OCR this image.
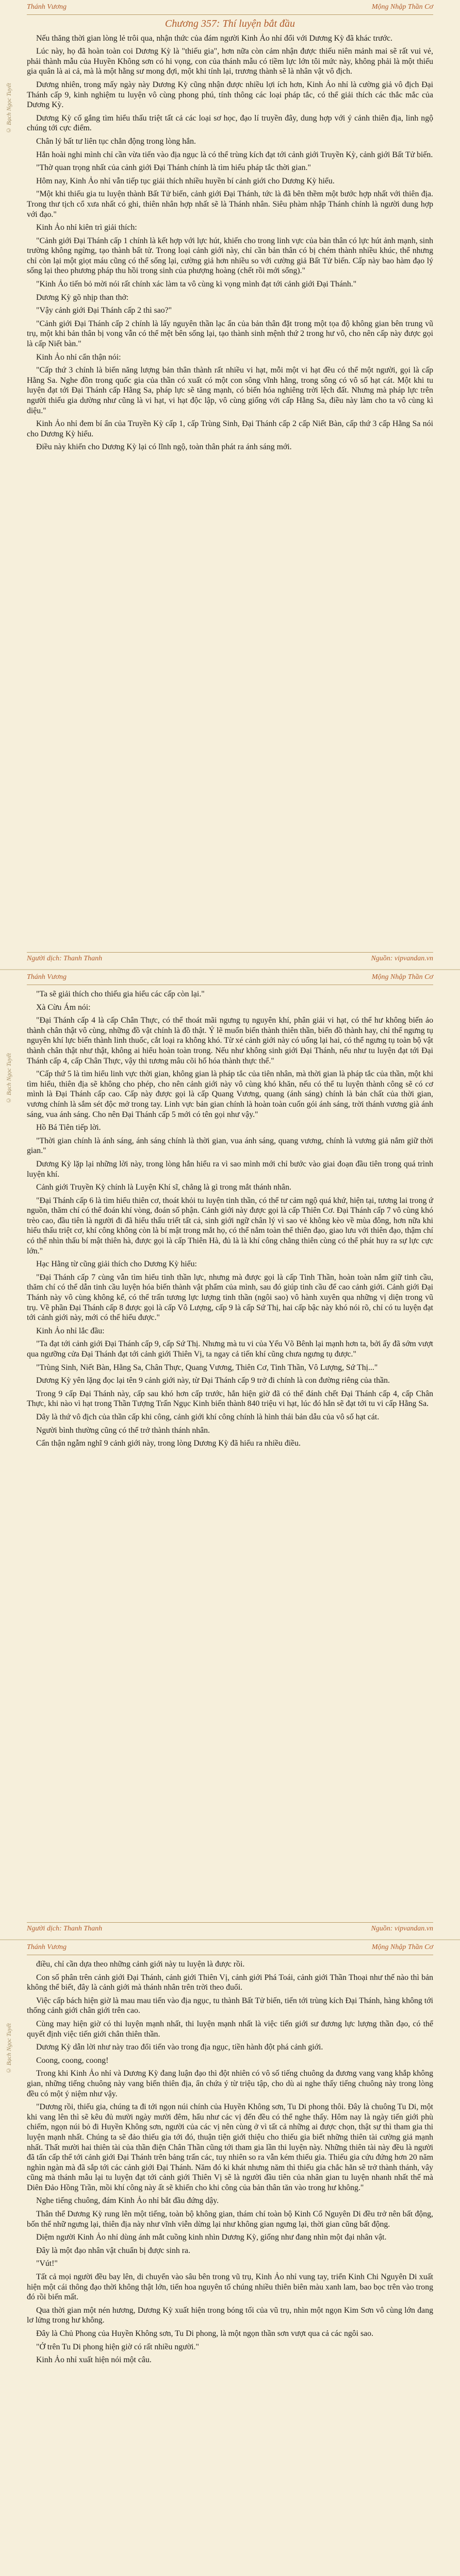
© Bạch Ngọc Tuyết
Thánh Vương	Mộng Nhập Thần Cơ
Chương 357: Thí luyện bắt đầu

Nếu thăng thời gian lòng lẻ trôi qua, nhận thức của đám người Kinh Ảo nhỉ đổi với Dương Kỳ đã khác trước.

Lúc này, họ đã hoàn toàn coi Dương Kỳ là "thiếu gia", hơn nữa còn cảm nhận được thiếu niên mảnh mai sẽ rất vui vẻ, phải thành mẫu của Huyền Không sơn có hi vọng, con của thánh mẫu có tiềm lực lớn tôi mức này, không phải là một thiếu gia quân là ai cả, mà là một hằng sư mong đợi, một khi tính lại, trương thành sẽ là nhân vật vô địch.

Dương nhiên, trong mấy ngày này Dương Kỳ cũng nhận được nhiều lợi ích hơn, Kinh Ảo nhỉ là cường giả vô địch Đại Thánh cấp 9, kinh nghiệm tu luyện vô cùng phong phú, tính thông các loại pháp tắc, có thể giải thích các thắc mắc của Dương Kỳ.

Dương Kỳ cố gắng tìm hiểu thấu triệt tất cả các loại sơ học, đạo lí truyền đây, dung hợp với ý cảnh thiên địa, linh ngộ chúng tới cực điểm.

Chân lý bất tư liên tục chẳn động trong lòng hắn.

Hắn hoài nghi mình chỉ cần vừa tiến vào địa ngục là có thể trùng kích đạt tới cảnh giới Truyền Kỳ, cảnh giới Bất Tử biến.

"Thờ quan trọng nhất của cảnh giới Đại Thánh chính là tìm hiểu pháp tắc thời gian."

Hôm nay, Kinh Ảo nhỉ vẫn tiếp tục giải thích nhiều huyền bí cảnh giới cho Dương Kỳ hiểu.

"Một khi thiếu gia tu luyện thành Bất Tử biến, cảnh giới Đại Thánh, tức là đã bên thềm một bước hợp nhất với thiên địa. Trong thư tịch cổ xưa nhất có ghi, thiên nhân hợp nhất sẽ là Thánh nhân. Siêu phàm nhập Thánh chính là người dung hợp với đạo."

Kinh Ảo nhỉ kiên trì giải thích:

"Cảnh giới Đại Thánh cấp 1 chính là kết hợp với lực hút, khiến cho trong linh vực của bản thân có lực hút ảnh mạnh, sinh trường không ngừng, tạo thành bất tử. Trong loại cảnh giới này, chỉ cần bản thân có bị chém thành nhiều khúc, thể nhưng chỉ còn lại một giọt máu cũng có thể sống lại, cường giả hơn nhiều so với cường giả Bất Tử biến. Cấp này bao hàm đạo lý sống lại theo phương pháp thu hồi trong sinh của phượng hoàng (chết rồi mới sống)."

"Kinh Ảo tiến bỏ mời nói rất chính xác làm ta vô cùng kì vọng mình đạt tới cảnh giới Đại Thánh."

Dương Kỳ gõ nhịp than thở:

"Vậy cảnh giới Đại Thánh cấp 2 thì sao?"

"Cảnh giới Đại Thánh cấp 2 chính là lấy nguyên thần lạc ẩn của bản thân đặt trong một tọa độ không gian bên trung vũ trụ, một khi bản thân bị vong vẫn có thể mệt bên sống lại, tạo thành sinh mệnh thứ 2 trong hư vô, cho nên cấp này được gọi là cấp Niết bàn."

Kinh Ảo nhỉ cẩn thận nói:

"Cấp thứ 3 chính là biến năng lượng bản thân thành rất nhiều vi hạt, mỗi một vi hạt đều có thể một người, gọi là cấp Hằng Sa. Nghe đồn trong quốc gia của thần có xuất có một con sông vĩnh hằng, trong sông có vô số hạt cát. Một khi tu luyện đạt tới Đại Thánh cấp Hằng Sa, pháp lực sẽ tăng mạnh, có biến hóa nghiêng trời lệch đất. Nhưng mà pháp lực trên người thiếu gia dường như cũng là vi hạt, vi hạt độc lập, vô cùng giống với cấp Hằng Sa, điều này làm cho ta vô cùng kì diệu."

Kinh Ảo nhỉ đem bí ẩn của Truyền Kỳ cấp 1, cấp Trùng Sinh, Đại Thánh cấp 2 cấp Niết Bàn, cấp thứ 3 cấp Hằng Sa nói cho Dương Kỳ hiểu.

Điều này khiến cho Dương Kỳ lại có lĩnh ngộ, toàn thân phát ra ánh sáng mới.

Người dịch: Thanh Thanh	Nguồn: vipvandan.vn
© Bạch Ngọc Tuyết
Thánh Vương	Mộng Nhập Thần Cơ

"Ta sẽ giải thích cho thiếu gia hiểu các cấp còn lại."

Xà Cừu Ám nói:

"Đại Thánh cấp 4 là cấp Chân Thực, có thể thoát mãi ngưng tụ nguyên khí, phân giải vi hạt, có thể hư không biến ảo thành chân thật vô cùng, những đồ vật chính là đồ thật. Ý lẽ muốn biến thành thiên thần, biến đồ thành hay, chỉ thế ngưng tụ nguyên khí lực biến thành linh thuốc, cắt loại ra không khó. Từ xé cảnh giới này có uống lại hai, có thể ngưng tụ toàn bộ vật thành chân thật như thật, không ai hiểu hoàn toàn trong. Nếu như không sinh giới Đại Thánh, nếu như tu luyện đạt tới Đại Thánh cấp 4, cấp Chân Thực, vậy thì tương mâu cõi hố hóa thành thực thể."

"Cấp thứ 5 là tìm hiểu linh vực thời gian, không gian là pháp tắc của tiên nhân, mà thời gian là pháp tắc của thần, một khi tìm hiểu, thiên địa sẽ không cho phép, cho nên cảnh giới này vô cùng khó khăn, nếu có thể tu luyện thành công sẽ có cơ mình là Đại Thánh cấp cao. Cấp này được gọi là cấp Quang Vương, quang (ánh sáng) chính là bản chất của thời gian, vương chính là sắm sét độc mở trong tay. Linh vực bản gian chính là hoàn toàn cuốn gói ánh sáng, trời thánh vương già ánh sáng, vua ánh sáng. Cho nên Đại Thánh cấp 5 mới có tên gọi như vậy."

Hồ Bá Tiên tiếp lời.

"Thời gian chính là ánh sáng, ánh sáng chính là thời gian, vua ánh sáng, quang vương, chính là vương giả nắm giữ thời gian."

Dương Kỳ lặp lại những lời này, trong lòng hắn hiểu ra vì sao mình mới chỉ bước vào giai đoạn đầu tiên trong quá trình luyện khí.

Cảnh giới Truyền Kỳ chính là Luyện Khí sĩ, chẳng là gì trong mắt thánh nhân.

"Đại Thánh cấp 6 là tìm hiểu thiên cơ, thoát khỏi tu luyện tinh thần, có thể tư cảm ngộ quá khứ, hiện tại, tương lai trong ứ nguồn, thăm chí có thể đoán khí vòng, đoán số phận. Cảnh giới này được gọi là cấp Thiên Cơ. Đại Thánh cấp 7 vô cùng khó trèo cao, đầu tiên là người đi đã hiểu thấu triết tất cả, sinh giới ngữ chân lý vì sao vẻ không kèo về mùa đông, hơn nữa khi hiểu thấu triệt cơ, khí công không còn là bí mật trong mắt họ, có thể nắm toàn thể thiên đạo, giao lưu với thiên đạo, thậm chí có thể nhìn thấu bí mật thiên hà, được gọi là cấp Thiên Hà, đủ là là khí công chẳng thiên cùng có thể phát huy ra sự lực cực lớn."

Hạc Hằng từ cũng giải thích cho Dương Kỳ hiểu:

"Đại Thánh cấp 7 cùng vẫn tìm hiểu tinh thần lực, nhưng mà được gọi là cấp Tinh Thần, hoàn toàn nắm giữ tinh cầu, thăm chí có thể dẫn tinh cầu luyện hóa biến thành vật phẩm của mình, sau đó giúp tinh cầu để cao cảnh giới. Cảnh giới Đại Thánh này vô cùng không kể, có thể trấn tương lực lượng tinh thần (ngôi sao) vô hành xuyên qua những vị diện trong vũ trụ. Về phần Đại Thánh cấp 8 được gọi là cấp Vô Lượng, cấp 9 là cấp Sứ Thị, hai cấp bậc này khó nói rõ, chỉ có tu luyện đạt tới cảnh giới này, mới có thể hiểu được."

Kinh Ảo nhỉ lắc đầu:

"Ta đạt tới cảnh giới Đại Thánh cấp 9, cấp Sứ Thị. Nhưng mà tu vi của Yếu Võ Bênh lại mạnh hơn ta, bởi ấy đã sớm vượt qua ngưỡng cửa Đại Thánh đạt tới cảnh giới Thiên Vị, ta ngay cả tiến khí cũng chưa ngưng tụ được."

"Trùng Sinh, Niết Bàn, Hằng Sa, Chân Thực, Quang Vương, Thiên Cơ, Tinh Thần, Vô Lượng, Sứ Thị..."

Dương Kỳ yên lặng đọc lại tên 9 cảnh giới này, từ Đại Thánh cấp 9 trở đi chính là con đường riêng của thần.

Trong 9 cấp Đại Thánh này, cấp sau khó hơn cấp trước, hắn hiện giờ đã có thể đánh chết Đại Thánh cấp 4, cấp Chân Thực, khi nào vì hạt trong Thần Tượng Trấn Ngục Kinh biến thành 840 triệu vi hạt, lúc đó hắn sẽ đạt tới tu vi cấp Hằng Sa.

Dây là thứ vô địch của thần cấp khi công, cảnh giới khí công chính là hình thái bản dẫu của vô số hạt cát.

Người bình thường cũng có thể trở thành thánh nhân.

Cẩn thận ngẫm nghĩ 9 cảnh giới này, trong lòng Dương Kỳ đã hiểu ra nhiều điều.

Người dịch: Thanh Thanh	Nguồn: vipvandan.vn
© Bạch Ngọc Tuyết
Thánh Vương	Mộng Nhập Thần Cơ

điều, chỉ cần dựa theo những cảnh giới này tu luyện là được rồi.

Con số phân trên cảnh giới Đại Thánh, cảnh giới Thiên Vị, cảnh giới Phá Toái, cảnh giới Thần Thoại như thế nào thì bản không thể biết, đây là cảnh giới mà thánh nhân trên trời theo đuổi.

Việc cấp bách hiện giờ là mau mau tiến vào địa ngục, tu thành Bất Tử biến, tiến tới trùng kích Đại Thánh, hàng không tới thống cảnh giới chân giới trên cao.

Cùng may hiện giờ có thi luyện mạnh nhất, thi luyện mạnh nhất là việc tiến giới sư đương lực lượng thần đạo, có thể quyết định việc tiến giới chân thiên thần.

Dương Kỳ dẫn lời như này trao đổi tiến vào trong địa ngục, tiền hành đột phá cảnh giới.

Coong, coong, coong!

Trong khi Kinh Ảo nhỉ và Dương Kỳ đang luận đạo thì đột nhiên có vô số tiếng chuông da đương vang vang khắp không gian, những tiếng chuông này vang biến thiên địa, ẩn chứa ý từ triệu tập, cho dù ai nghe thấy tiếng chuông này trong lòng đều có một ý niệm như vậy.

"Dương rồi, thiếu gia, chúng ta đi tới ngọn núi chính của Huyền Không sơn, Tu Di phong thôi. Đây là chuông Tu Di, một khi vang lên thì sẽ kêu đủ mười ngày mười đêm, hẩu như các vị đến đều có thể nghe thấy. Hôm nay là ngày tiến giới phù chiếm, ngọn núi bỏ đi Huyền Không sơn, người của các vị nên cùng ở vì tất cả những ai được chọn, thật sự thì tham gia thi luyện mạnh nhất. Chúng ta sẽ đảo thiếu gia tới đó, thuận tiện giới thiệu cho thiếu gia biết những thiên tài cường giả mạnh nhất. Thất mười hai thiên tài của thần điện Chân Thần cũng tới tham gia lần thi luyện này. Những thiên tài này đều là người đã tấn cấp thể tới cảnh giới Đại Thánh trên bảng trấn các, tuy nhiên so ra vẫn kém thiếu gia. Thiếu gia cứu đứng hơn 20 năm nghìn ngàn mà đã sắp tới các cảnh giới Đại Thánh. Năm đó ki khát nhưng năm thì thiếu gia chắc hẳn sẽ trở thành thánh, vây cũng mà thánh mẫu lại tu luyện đạt tới cảnh giới Thiên Vị sẽ là người đầu tiên của nhân gian tu luyện nhanh nhất thế mà Diên Đảo Hồng Trần, mồi khí công này ất sẽ khiến cho khi công của bản thân tăn vào trong hư không."

Nghe tiếng chuông, đám Kinh Ảo nhỉ bắt đầu đứng dậy.

Thân thể Dương Kỳ rung lên một tiếng, toàn bộ không gian, thám chí toàn bộ Kinh Cổ Nguyên Di đều trở nên bất động, bốn thể nhữ ngưng lại, thiên địa này như vĩnh viễn dừng lại như không gian ngưng lại, thời gian cũng bất động.

Diệm người Kinh Ảo nhỉ dùng ánh mắt cuồng kinh nhìn Dương Kỳ, giống như đang nhìn một đại nhân vật.

Đây là một đạo nhân vật chuẩn bị được sinh ra.

"Vút!"

Tất cả mọi người đều bay lên, di chuyển vào sâu bên trong vũ trụ, Kinh Ảo nhỉ vung tay, triển Kinh Chi Nguyên Di xuất hiện một cái thông đạo thời không thật lớn, tiến hoa nguyên tố chúng nhiều thiên biên màu xanh lam, bao bọc trên vào trong đó rồi biến mất.

Qua thời gian một nén hương, Dương Kỳ xuất hiện trong bóng tối của vũ trụ, nhìn một ngọn Kim Sơn vô cùng lớn đang lơ lửng trong hư không.

Đây là Chủ Phong của Huyền Không sơn, Tu Di phong, là một ngọn thần sơn vượt qua cả các ngôi sao.

"Ở trên Tu Di phong hiện giờ có rất nhiều người."

Kinh Ảo nhỉ xuất hiện nói một câu.
